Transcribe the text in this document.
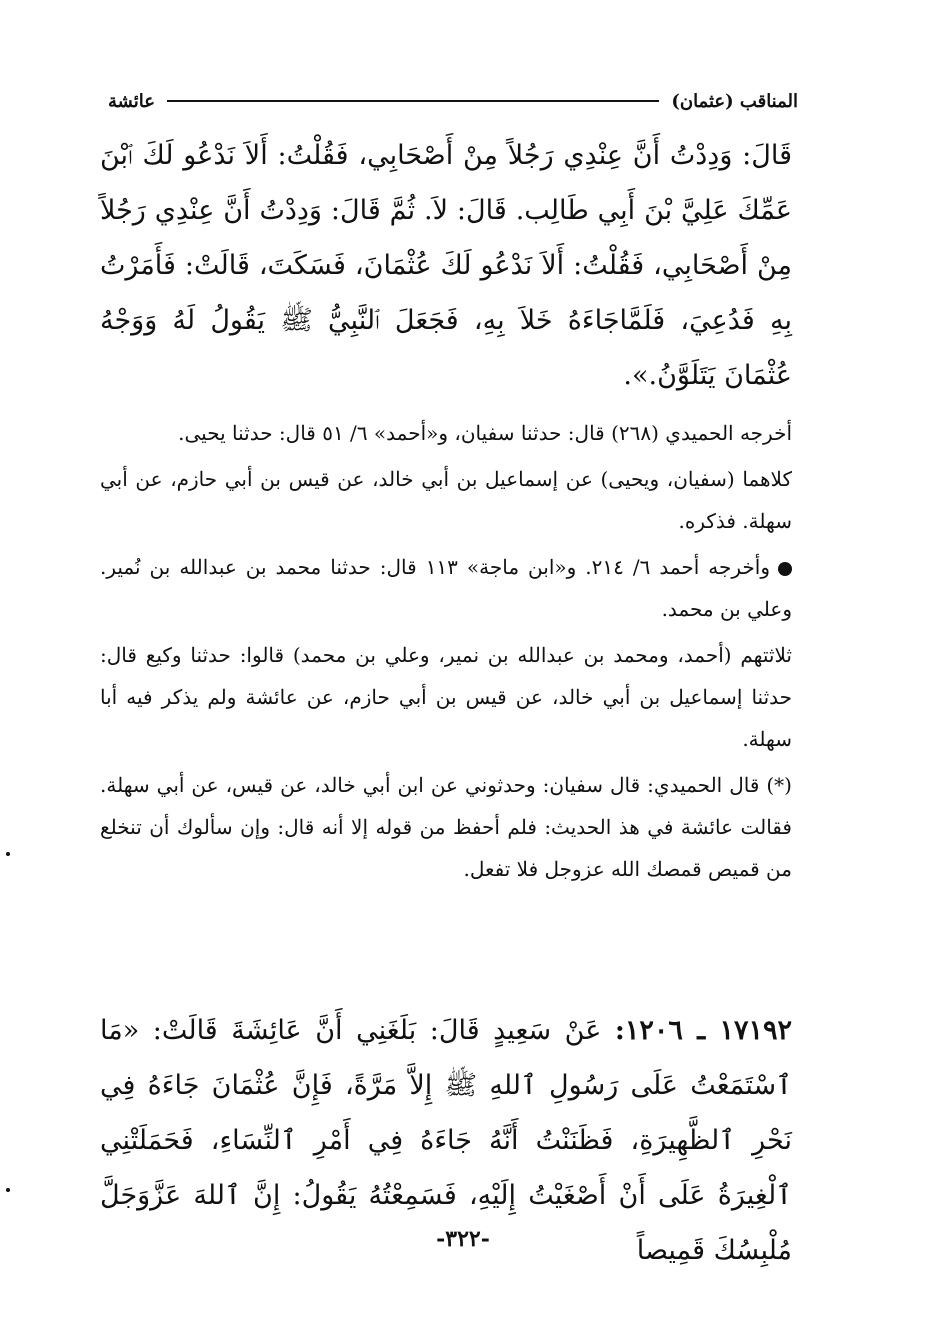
المناقب (عثمان)
عائشة

قَالَ: وَدِدْتُ أَنَّ عِنْدِي رَجُلاً مِنْ أَصْحَابِي، فَقُلْتُ: أَلاَ نَدْعُو لَكَ ٱبْنَ عَمِّكَ عَلِيَّ بْنَ أَبِي طَالِب. قَالَ: لاَ. ثُمَّ قَالَ: وَدِدْتُ أَنَّ عِنْدِي رَجُلاً مِنْ أَصْحَابِي، فَقُلْتُ: أَلاَ نَدْعُو لَكَ عُثْمَانَ، فَسَكَتَ، قَالَتْ: فَأَمَرْتُ بِهِ فَدُعِيَ، فَلَمَّاجَاءَهُ خَلاَ بِهِ، فَجَعَلَ ٱلنَّبِيُّ ﷺ يَقُولُ لَهُ وَوَجْهُ عُثْمَانَ يَتَلَوَّنُ.».

أخرجه الحميدي (٢٦٨) قال: حدثنا سفيان، و«أحمد» ٦/ ٥١ قال: حدثنا يحيى.

كلاهما (سفيان، ويحيى) عن إسماعيل بن أبي خالد، عن قيس بن أبي حازم، عن أبي سهلة. فذكره.

وأخرجه أحمد ٦/ ٢١٤. و«ابن ماجة» ١١٣ قال: حدثنا محمد بن عبدالله بن نُمير. وعلي بن محمد.

ثلاثتهم (أحمد، ومحمد بن عبدالله بن نمير، وعلي بن محمد) قالوا: حدثنا وكيع قال: حدثنا إسماعيل بن أبي خالد، عن قيس بن أبي حازم، عن عائشة ولم يذكر فيه أبا سهلة.

(*) قال الحميدي: قال سفيان: وحدثوني عن ابن أبي خالد، عن قيس، عن أبي سهلة. فقالت عائشة في هذ الحديث: فلم أحفظ من قوله إلا أنه قال: وإن سألوك أن تنخلع من قميص قمصك الله عزوجل فلا تفعل.

١٧١٩٢ ـ ١٢٠٦: عَنْ سَعِيدٍ قَالَ: بَلَغَنِي أَنَّ عَائِشَةَ قَالَتْ: «مَا ٱسْتَمَعْتُ عَلَى رَسُولِ ٱللهِ ﷺ إِلاَّ مَرَّةً، فَإِنَّ عُثْمَانَ جَاءَهُ فِي نَحْرِ ٱلظَّهِيرَةِ، فَظَنَنْتُ أَنَّهُ جَاءَهُ فِي أَمْرِ ٱلنِّسَاءِ، فَحَمَلَتْنِي ٱلْغِيرَةُ عَلَى أَنْ أَصْغَيْتُ إِلَيْهِ، فَسَمِعْتُهُ يَقُولُ: إِنَّ ٱللهَ عَزَّوَجَلَّ مُلْبِسُكَ قَمِيصاً

-٣٢٢-
